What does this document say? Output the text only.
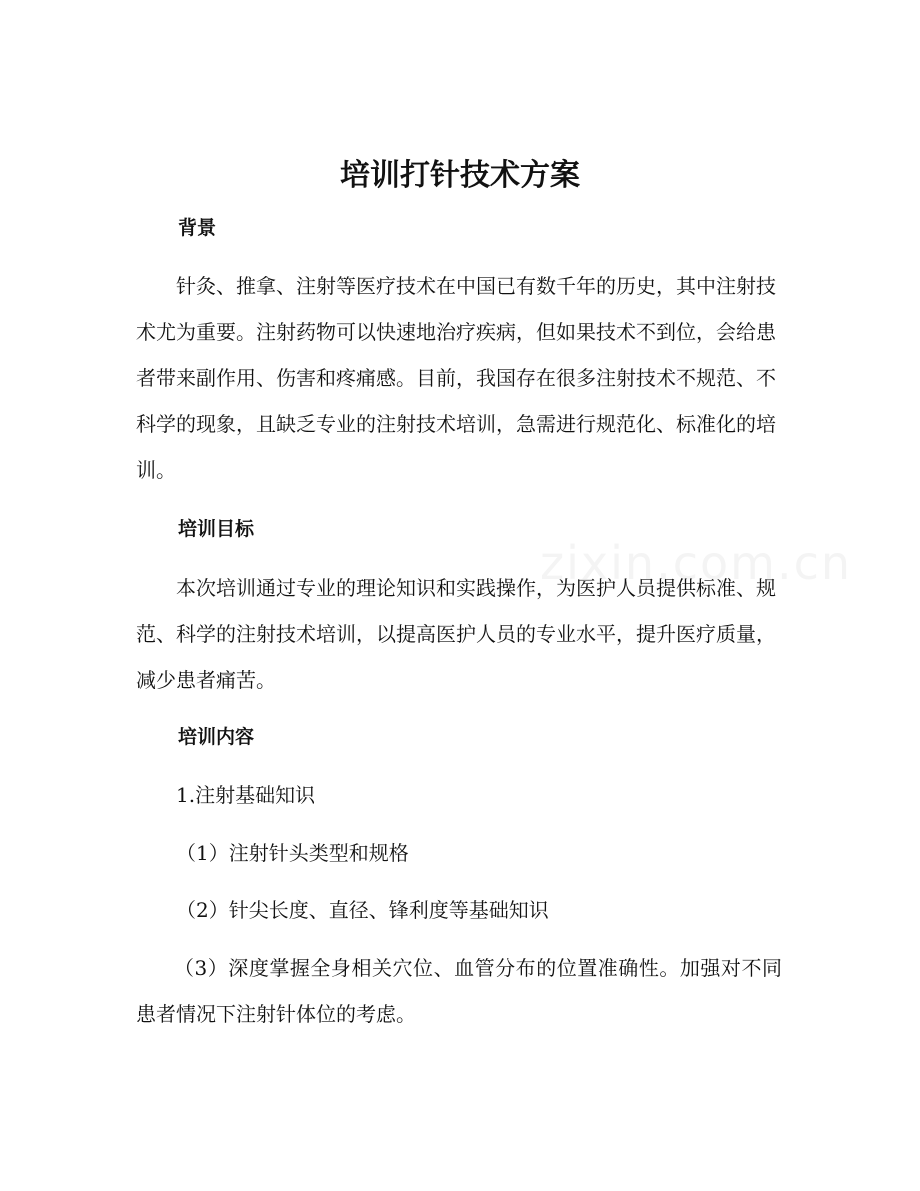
zixin.com.cn
培训打针技术方案
背景

针灸、推拿、注射等医疗技术在中国已有数千年的历史，其中注射技术尤为重要。注射药物可以快速地治疗疾病，但如果技术不到位，会给患者带来副作用、伤害和疼痛感。目前，我国存在很多注射技术不规范、不科学的现象，且缺乏专业的注射技术培训，急需进行规范化、标准化的培训。

培训目标

本次培训通过专业的理论知识和实践操作，为医护人员提供标准、规范、科学的注射技术培训，以提高医护人员的专业水平，提升医疗质量，减少患者痛苦。

培训内容

1.注射基础知识

（1）注射针头类型和规格

（2）针尖长度、直径、锋利度等基础知识

（3）深度掌握全身相关穴位、血管分布的位置准确性。加强对不同患者情况下注射针体位的考虑。
